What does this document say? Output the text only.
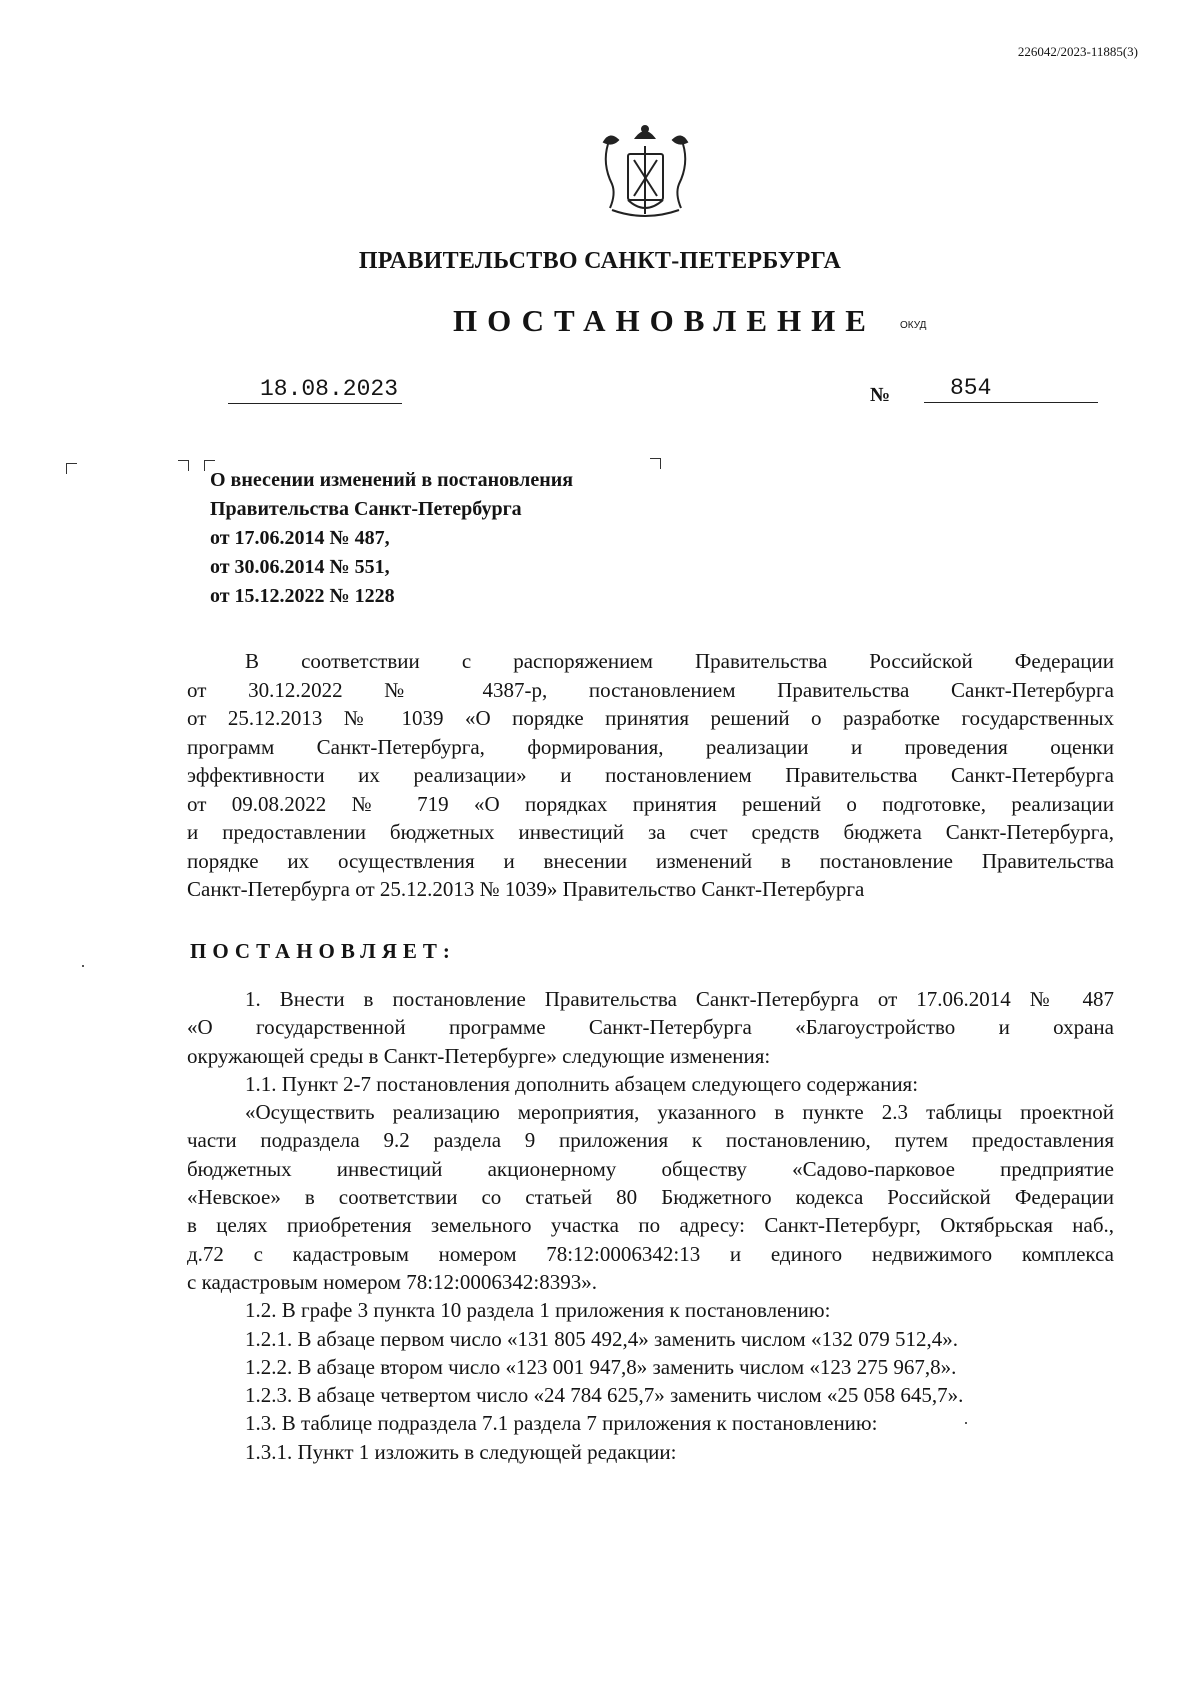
226042/2023-11885(3)
ПРАВИТЕЛЬСТВО САНКТ-ПЕТЕРБУРГА
ПОСТАНОВЛЕНИЕ ОКУД
18.08.2023	№	854
О внесении изменений в постановления
Правительства Санкт-Петербурга
от 17.06.2014 № 487,
от 30.06.2014 № 551,
от 15.12.2022 № 1228

В соответствии с распоряжением Правительства Российской Федерации

от 30.12.2022 № 4387-р, постановлением Правительства Санкт-Петербурга

от 25.12.2013 № 1039 «О порядке принятия решений о разработке государственных

программ Санкт-Петербурга, формирования, реализации и проведения оценки

эффективности их реализации» и постановлением Правительства Санкт-Петербурга

от 09.08.2022 № 719 «О порядках принятия решений о подготовке, реализации

и предоставлении бюджетных инвестиций за счет средств бюджета Санкт-Петербурга,

порядке их осуществления и внесении изменений в постановление Правительства

Санкт-Петербурга от 25.12.2013 № 1039» Правительство Санкт-Петербурга

ПОСТАНОВЛЯЕТ:

1. Внести в постановление Правительства Санкт-Петербурга от 17.06.2014 № 487

«О государственной программе Санкт-Петербурга «Благоустройство и охрана

окружающей среды в Санкт-Петербурге» следующие изменения:

1.1. Пункт 2-7 постановления дополнить абзацем следующего содержания:

«Осуществить реализацию мероприятия, указанного в пункте 2.3 таблицы проектной

части подраздела 9.2 раздела 9 приложения к постановлению, путем предоставления

бюджетных инвестиций акционерному обществу «Садово-парковое предприятие

«Невское» в соответствии со статьей 80 Бюджетного кодекса Российской Федерации

в целях приобретения земельного участка по адресу: Санкт-Петербург, Октябрьская наб.,

д.72 с кадастровым номером 78:12:0006342:13 и единого недвижимого комплекса

с кадастровым номером 78:12:0006342:8393».

1.2. В графе 3 пункта 10 раздела 1 приложения к постановлению:

1.2.1. В абзаце первом число «131 805 492,4» заменить числом «132 079 512,4».

1.2.2. В абзаце втором число «123 001 947,8» заменить числом «123 275 967,8».

1.2.3. В абзаце четвертом число «24 784 625,7» заменить числом «25 058 645,7».

1.3. В таблице подраздела 7.1 раздела 7 приложения к постановлению:

1.3.1. Пункт 1 изложить в следующей редакции:
